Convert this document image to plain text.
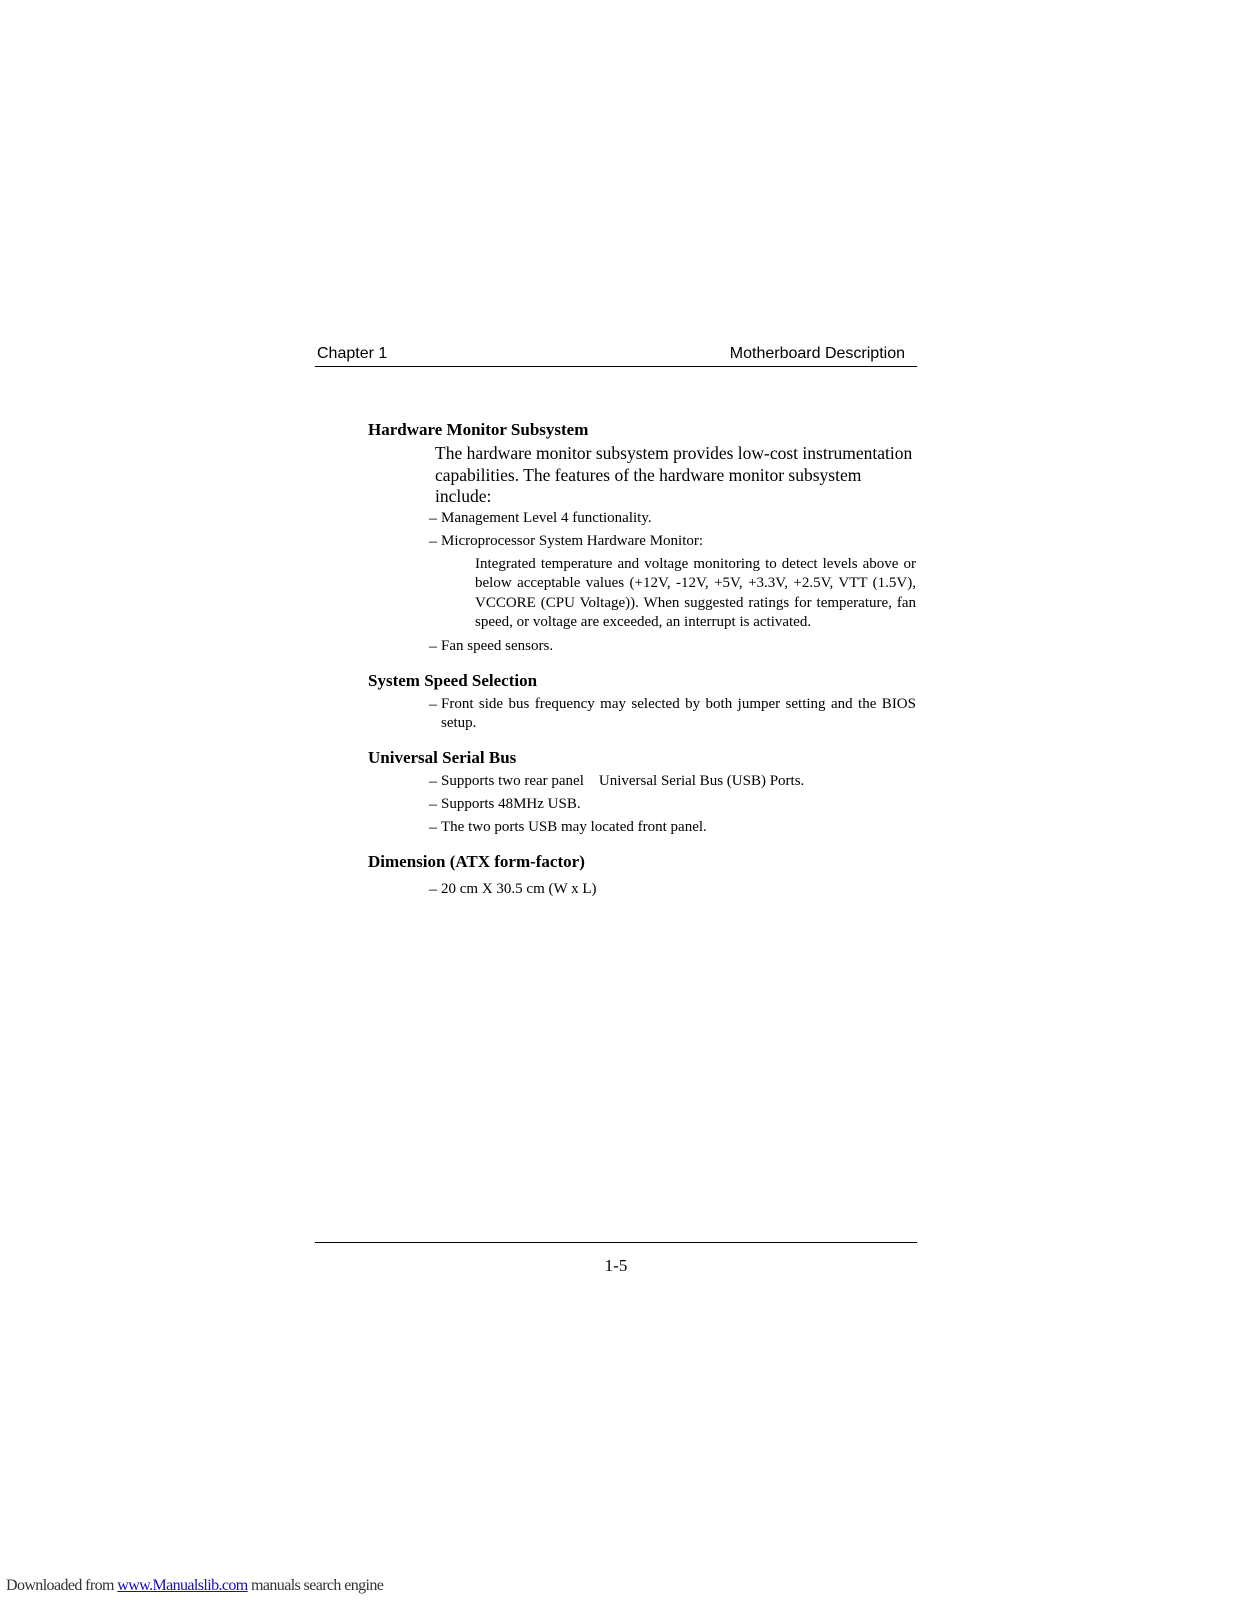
Chapter 1	Motherboard Description
Hardware Monitor Subsystem
The hardware monitor subsystem provides low-cost instrumentation capabilities. The features of the hardware monitor subsystem include:
– Management Level 4 functionality.
– Microprocessor System Hardware Monitor:
Integrated temperature and voltage monitoring to detect levels above or below acceptable values (+12V, -12V, +5V, +3.3V, +2.5V, VTT (1.5V), VCCORE (CPU Voltage)). When suggested ratings for temperature, fan speed, or voltage are exceeded, an interrupt is activated.
– Fan speed sensors.
System Speed Selection
– Front side bus frequency may selected by both jumper setting and the BIOS setup.
Universal Serial Bus
– Supports two rear panel    Universal Serial Bus (USB) Ports.
– Supports 48MHz USB.
– The two ports USB may located front panel.
Dimension (ATX form-factor)
– 20 cm X 30.5 cm (W x L)
1-5
Downloaded from www.Manualslib.com manuals search engine
